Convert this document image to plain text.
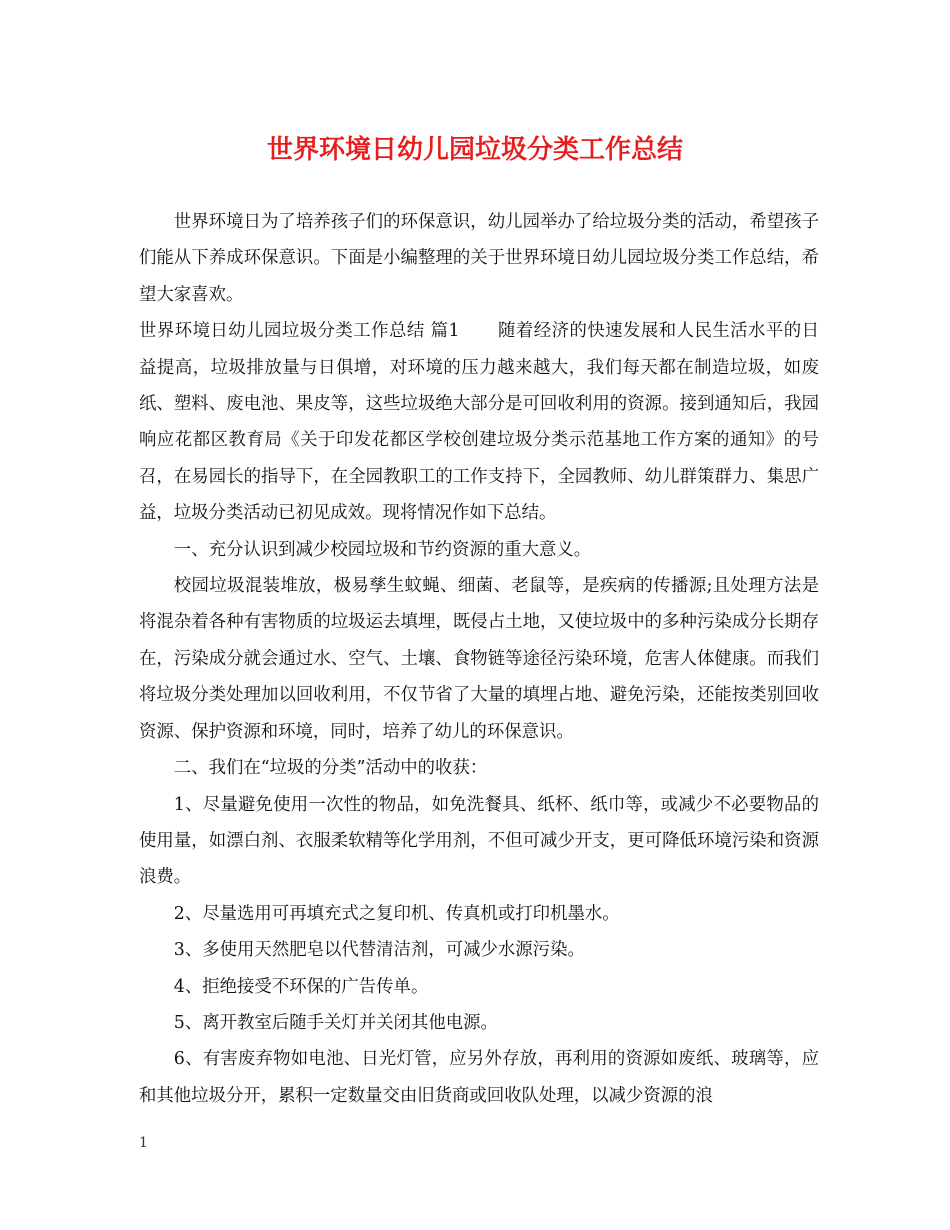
世界环境日幼儿园垃圾分类工作总结

世界环境日为了培养孩子们的环保意识，幼儿园举办了给垃圾分类的活动，希望孩子们能从下养成环保意识。下面是小编整理的关于世界环境日幼儿园垃圾分类工作总结，希望大家喜欢。

世界环境日幼儿园垃圾分类工作总结 篇1 随着经济的快速发展和人民生活水平的日益提高，垃圾排放量与日俱增，对环境的压力越来越大，我们每天都在制造垃圾，如废纸、塑料、废电池、果皮等，这些垃圾绝大部分是可回收利用的资源。接到通知后，我园响应花都区教育局《关于印发花都区学校创建垃圾分类示范基地工作方案的通知》的号召，在易园长的指导下，在全园教职工的工作支持下，全园教师、幼儿群策群力、集思广益，垃圾分类活动已初见成效。现将情况作如下总结。

一、充分认识到减少校园垃圾和节约资源的重大意义。

校园垃圾混装堆放，极易孳生蚊蝇、细菌、老鼠等，是疾病的传播源;且处理方法是将混杂着各种有害物质的垃圾运去填埋，既侵占土地，又使垃圾中的多种污染成分长期存在，污染成分就会通过水、空气、土壤、食物链等途径污染环境，危害人体健康。而我们将垃圾分类处理加以回收利用，不仅节省了大量的填埋占地、避免污染，还能按类别回收资源、保护资源和环境，同时，培养了幼儿的环保意识。

二、我们在“垃圾的分类”活动中的收获：

1、尽量避免使用一次性的物品，如免洗餐具、纸杯、纸巾等，或减少不必要物品的使用量，如漂白剂、衣服柔软精等化学用剂，不但可减少开支，更可降低环境污染和资源浪费。

2、尽量选用可再填充式之复印机、传真机或打印机墨水。

3、多使用天然肥皂以代替清洁剂，可减少水源污染。

4、拒绝接受不环保的广告传单。

5、离开教室后随手关灯并关闭其他电源。

6、有害废弃物如电池、日光灯管，应另外存放，再利用的资源如废纸、玻璃等，应和其他垃圾分开，累积一定数量交由旧货商或回收队处理，以减少资源的浪

1
